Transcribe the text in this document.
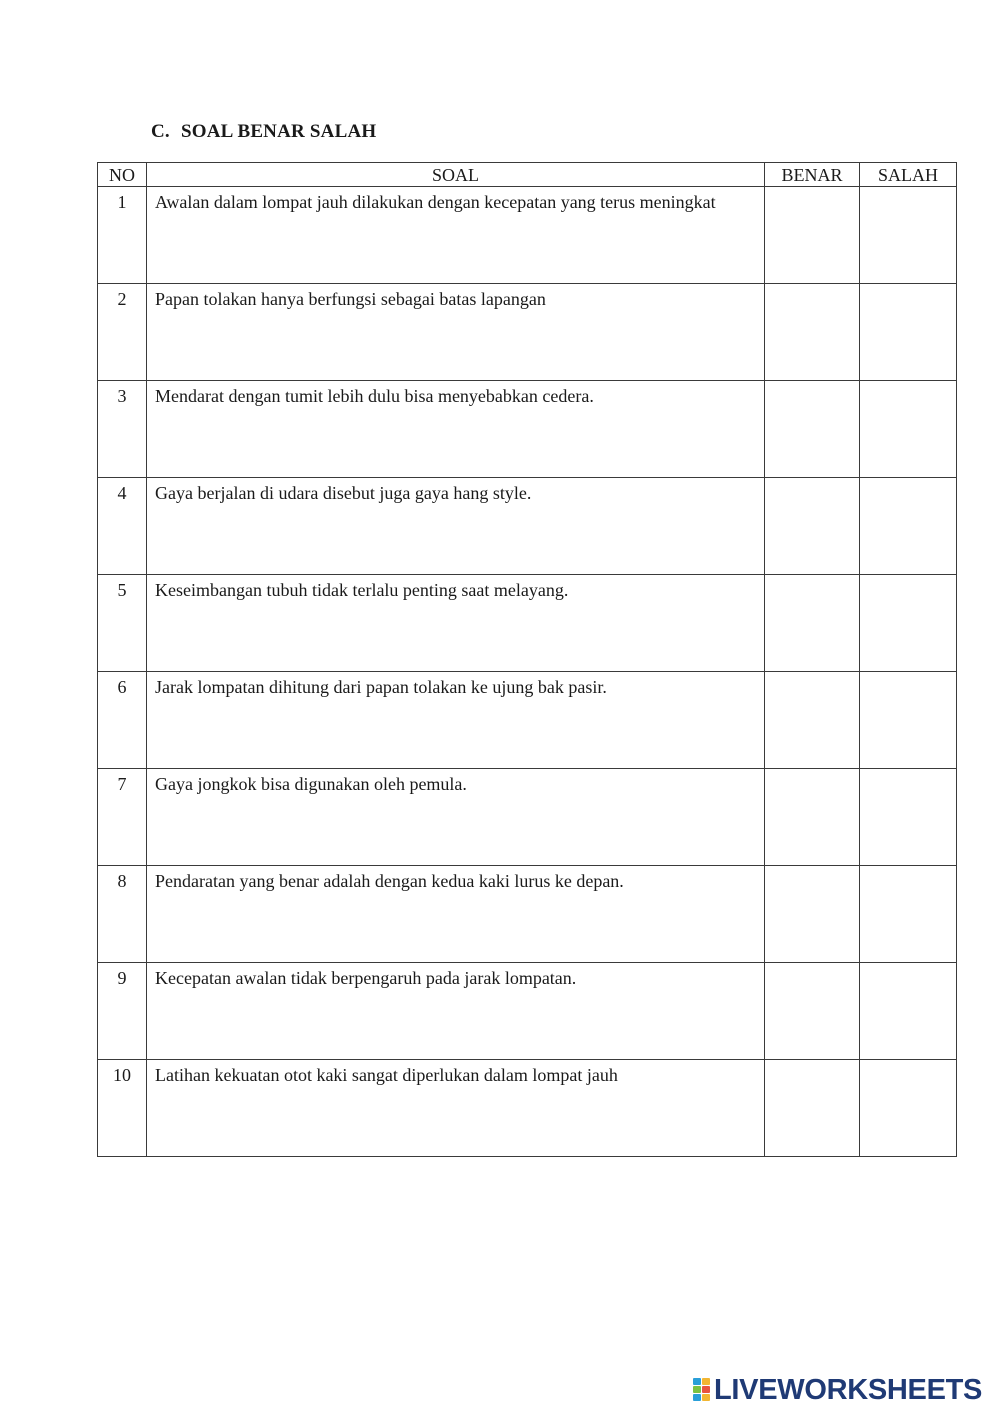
C. SOAL BENAR SALAH
NO	SOAL	BENAR	SALAH
1	Awalan dalam lompat jauh dilakukan dengan kecepatan yang terus meningkat		
2	Papan tolakan hanya berfungsi sebagai batas lapangan		
3	Mendarat dengan tumit lebih dulu bisa menyebabkan cedera.		
4	Gaya berjalan di udara disebut juga gaya hang style.		
5	Keseimbangan tubuh tidak terlalu penting saat melayang.		
6	Jarak lompatan dihitung dari papan tolakan ke ujung bak pasir.		
7	Gaya jongkok bisa digunakan oleh pemula.		
8	Pendaratan yang benar adalah dengan kedua kaki lurus ke depan.		
9	Kecepatan awalan tidak berpengaruh pada jarak lompatan.		
10	Latihan kekuatan otot kaki sangat diperlukan dalam lompat jauh		
LIVEWORKSHEETS
